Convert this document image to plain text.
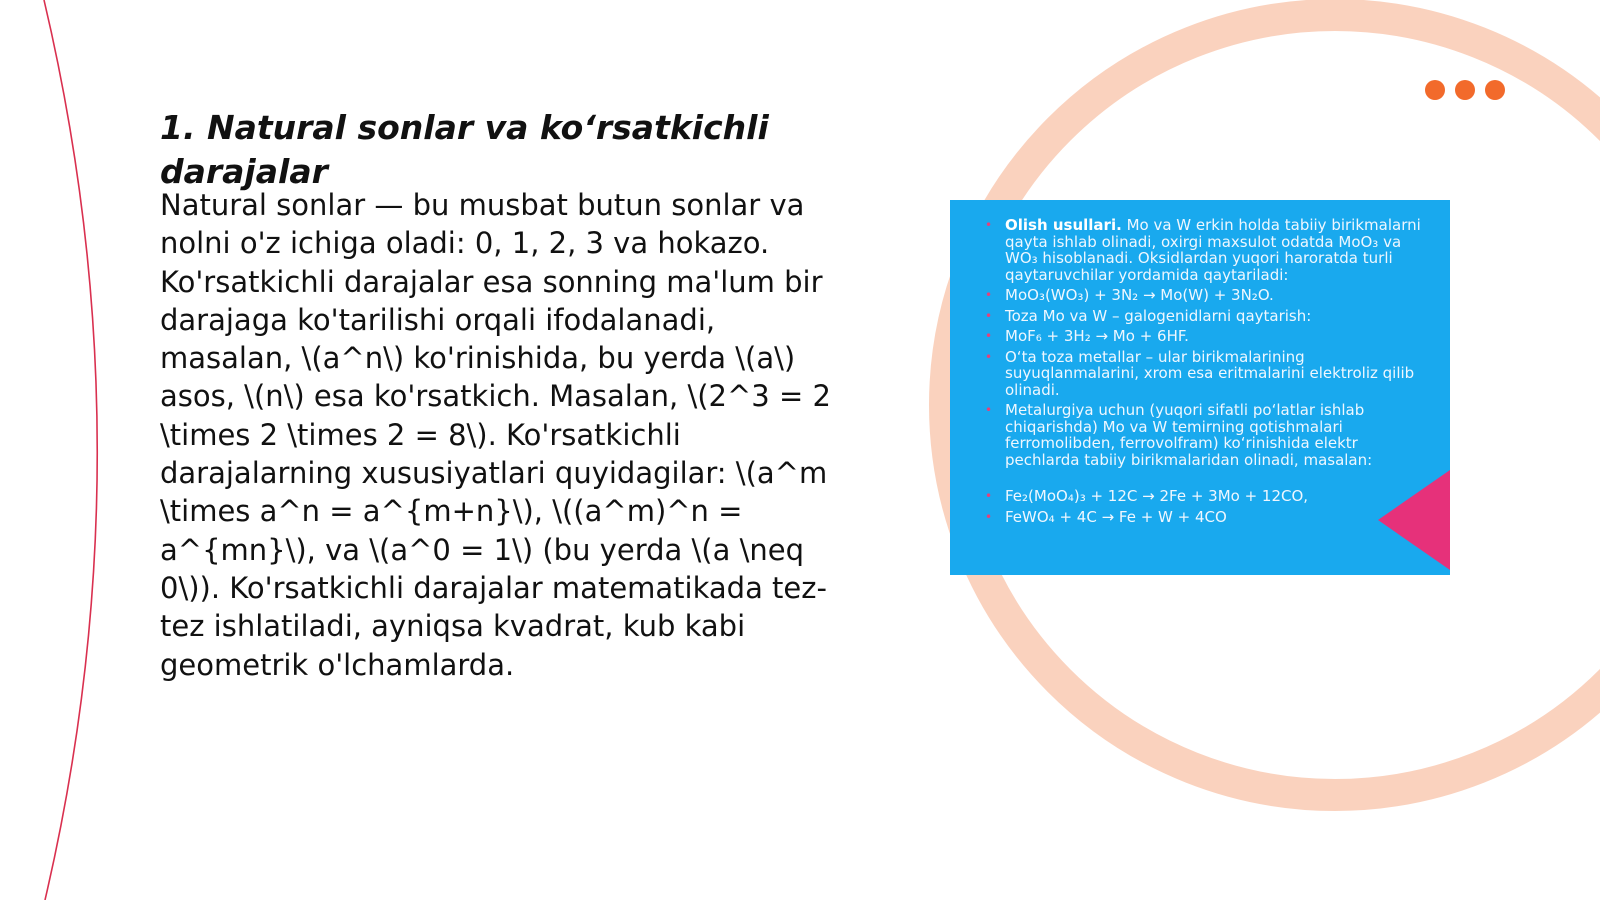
1. Natural sonlar va ko‘rsatkichli darajalar

Natural sonlar — bu musbat butun sonlar va nolni o'z ichiga oladi: 0, 1, 2, 3 va hokazo. Ko'rsatkichli darajalar esa sonning ma'lum bir darajaga ko'tarilishi orqali ifodalanadi, masalan, \(a^n\) ko'rinishida, bu yerda \(a\) asos, \(n\) esa ko'rsatkich. Masalan, \(2^3 = 2 \times 2 \times 2 = 8\). Ko'rsatkichli darajalarning xususiyatlari quyidagilar: \(a^m \times a^n = a^{m+n}\), \((a^m)^n = a^{mn}\), va \(a^0 = 1\) (bu yerda \(a \neq 0\)). Ko'rsatkichli darajalar matematikada tez-tez ishlatiladi, ayniqsa kvadrat, kub kabi geometrik o'lchamlarda.

• Olish usullari. Mo va W erkin holda tabiiy birikmalarni qayta ishlab olinadi, oxirgi maxsulot odatda MoO₃ va WO₃ hisoblanadi. Oksidlardan yuqori haroratda turli qaytaruvchilar yordamida qaytariladi:
• MoO₃(WO₃) + 3N₂ → Mo(W) + 3N₂O.
• Toza Mo va W – galogenidlarni qaytarish:
• MoF₆ + 3H₂ → Mo + 6HF.
• O‘ta toza metallar – ular birikmalarining suyuqlanmalarini, xrom esa eritmalarini elektroliz qilib olinadi.
• Metalurgiya uchun (yuqori sifatli po‘latlar ishlab chiqarishda) Mo va W temirning qotishmalari ferromolibden, ferrovolfram) ko‘rinishida elektr pechlarda tabiiy birikmalaridan olinadi, masalan:
• Fe₂(MoO₄)₃ + 12C → 2Fe + 3Mo + 12CO,
• FeWO₄ + 4C → Fe + W + 4CO
